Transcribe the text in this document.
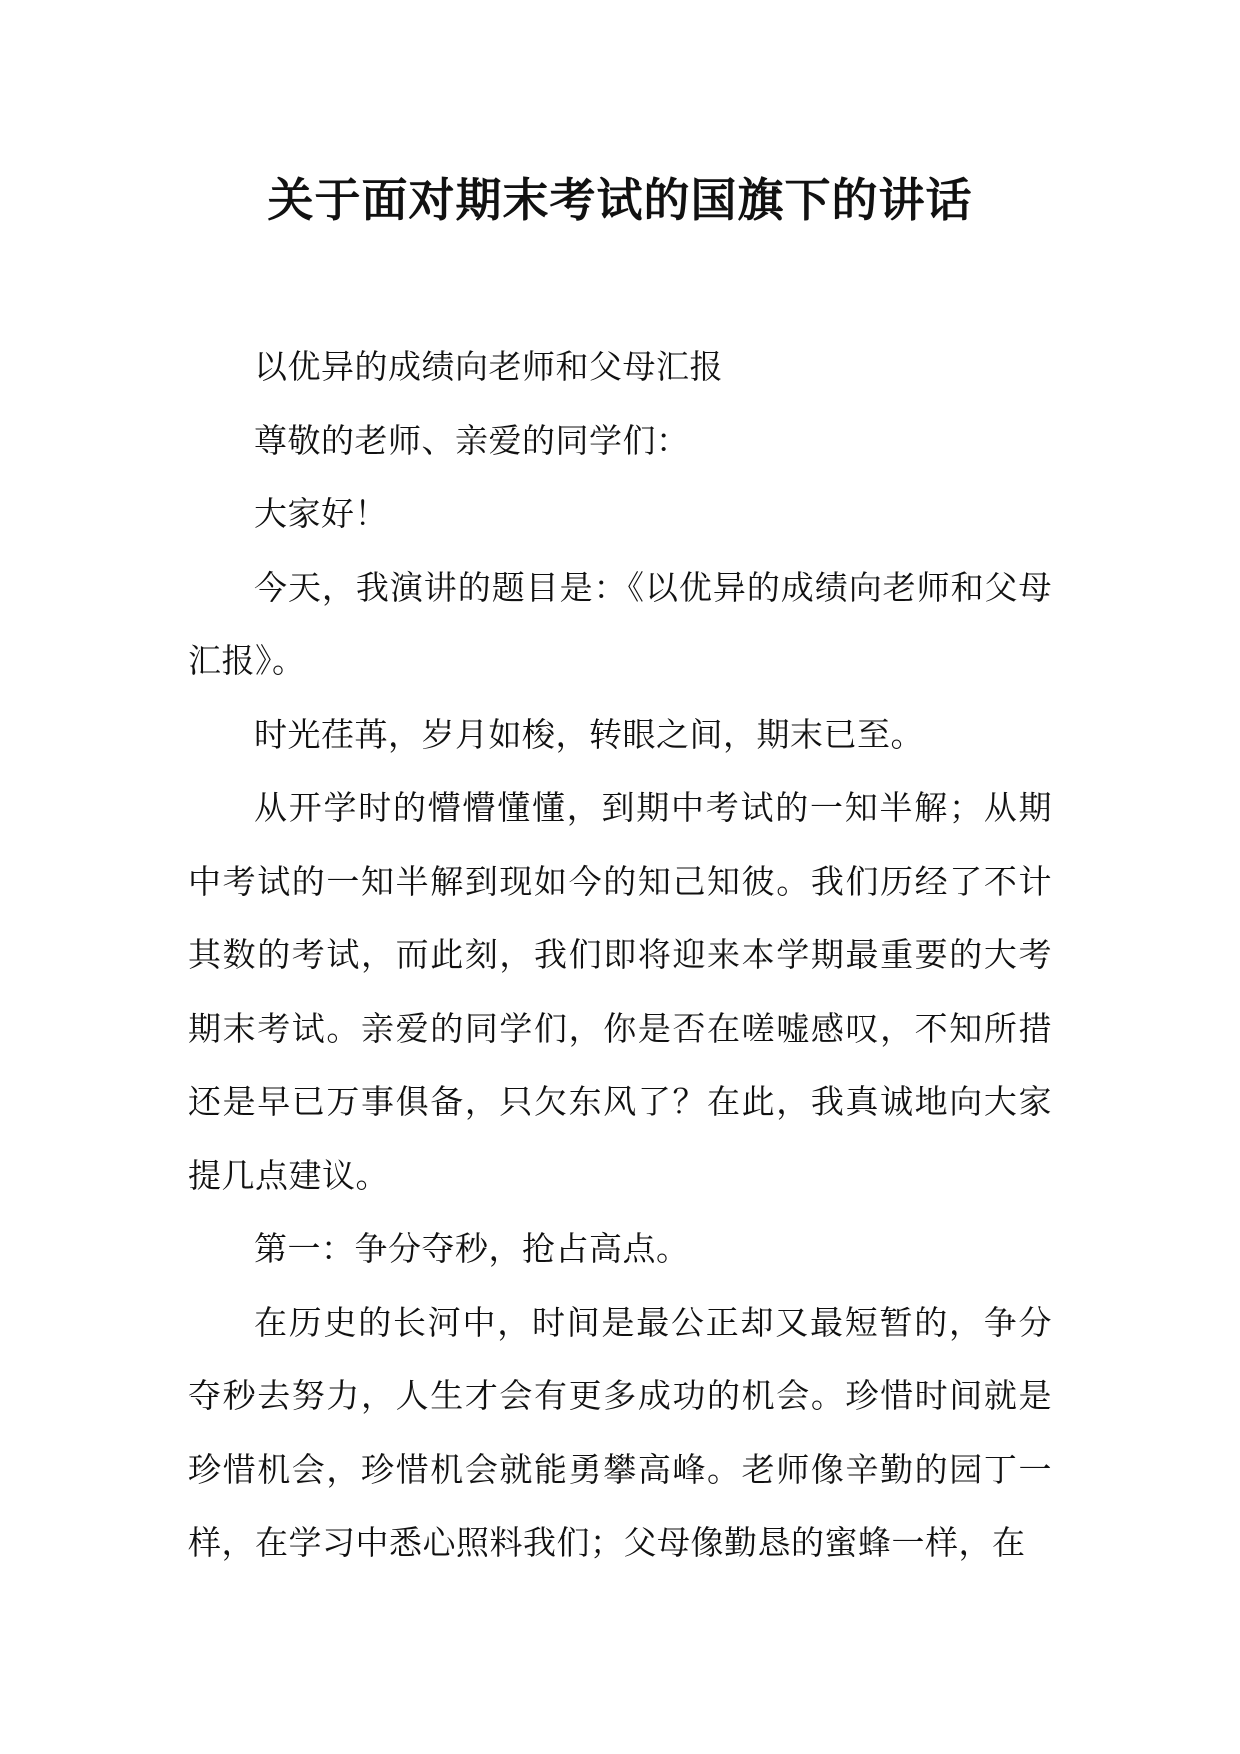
关于面对期末考试的国旗下的讲话

以优异的成绩向老师和父母汇报

尊敬的老师、亲爱的同学们：

大家好！

今天，我演讲的题目是：《以优异的成绩向老师和父母汇报》。

时光荏苒，岁月如梭，转眼之间，期末已至。

从开学时的懵懵懂懂，到期中考试的一知半解；从期中考试的一知半解到现如今的知己知彼。我们历经了不计其数的考试，而此刻，我们即将迎来本学期最重要的大考期末考试。亲爱的同学们，你是否在嗟嘘感叹，不知所措还是早已万事俱备，只欠东风了？在此，我真诚地向大家提几点建议。

第一：争分夺秒，抢占高点。

在历史的长河中，时间是最公正却又最短暂的，争分夺秒去努力，人生才会有更多成功的机会。珍惜时间就是珍惜机会，珍惜机会就能勇攀高峰。老师像辛勤的园丁一样，在学习中悉心照料我们；父母像勤恳的蜜蜂一样，在
